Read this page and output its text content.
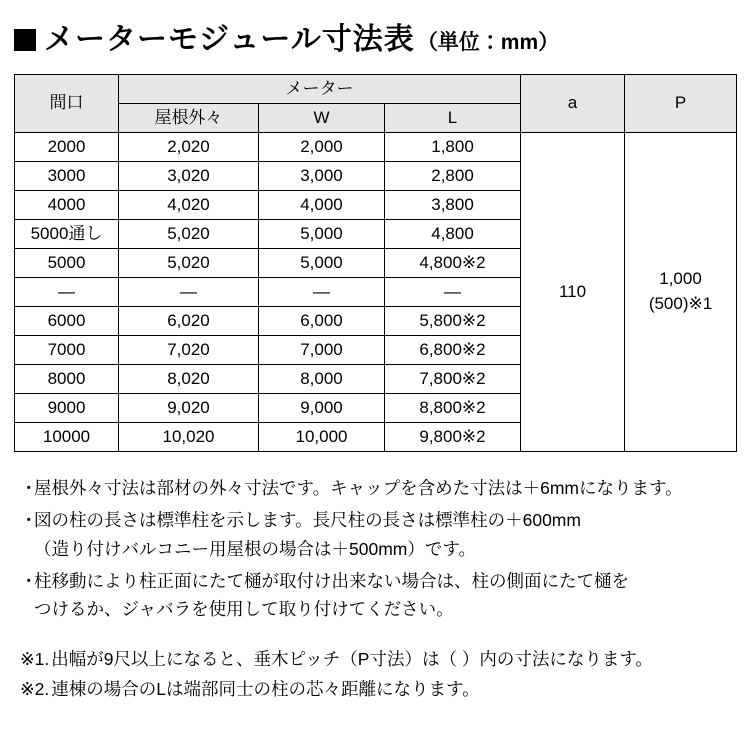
メーターモジュール寸法表 （単位：mm）
間口	メーター			a	P
	屋根外々	W	L		
2000	2,020	2,000	1,800	110	1,000
(500)※1

3000	3,020	3,000	2,800		
4000	4,020	4,000	3,800		
5000通し	5,020	5,000	4,800		
5000	5,020	5,000	4,800※2		
—	—	—	—		
6000	6,020	6,000	5,800※2		
7000	7,020	7,000	6,800※2		
8000	8,020	8,000	7,800※2		
9000	9,020	9,000	8,800※2		
10000	10,020	10,000	9,800※2		
・
屋根外々寸法は部材の外々寸法です。キャップを含めた寸法は＋6mmになります。
・
図の柱の長さは標準柱を示します。長尺柱の長さは標準柱の＋600mm
（造り付けバルコニー用屋根の場合は＋500mm）です。
・
柱移動により柱正面にたて樋が取付け出来ない場合は、柱の側面にたて樋を
つけるか、ジャバラを使用して取り付けてください。
※1. 出幅が9尺以上になると、垂木ピッチ（P寸法）は（ ）内の寸法になります。
※2. 連棟の場合のLは端部同士の柱の芯々距離になります。
